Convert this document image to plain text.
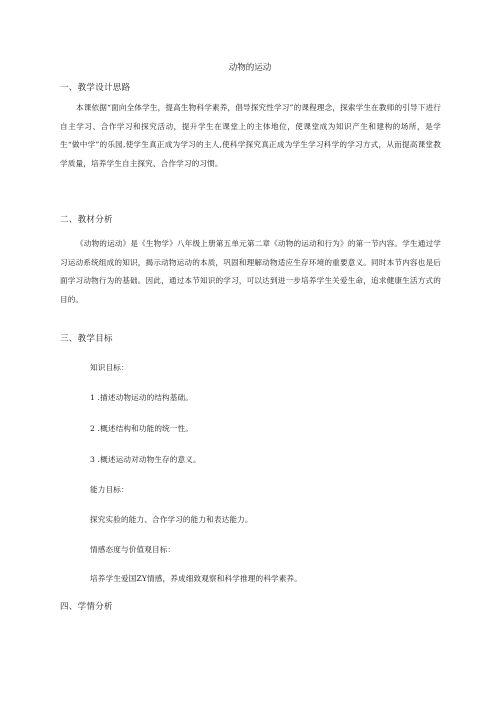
动物的运动
一、教学设计思路
本课依据“面向全体学生，提高生物科学素养，倡导探究性学习”的课程理念，探索学生在教师的引导下进行自主学习、合作学习和探究活动，提升学生在课堂上的主体地位，使课堂成为知识产生和建构的场所，是学生“做中学”的乐园,使学生真正成为学习的主人,使科学探究真正成为学生学习科学的学习方式，从而提高课堂教学质量，培养学生自主探究、合作学习的习惯。
二、教材分析
《动物的运动》是《生物学》八年级上册第五单元第二章《动物的运动和行为》的第一节内容。学生通过学习运动系统组成的知识，揭示动物运动的本质，巩固和理解动物适应生存环境的重要意义。同时本节内容也是后面学习动物行为的基础。因此，通过本节知识的学习，可以达到进一步培养学生关爱生命，追求健康生活方式的目的。
三、教学目标
知识目标：
1 .描述动物运动的结构基础。
2 .概述结构和功能的统一性。
3 .概述运动对动物生存的意义。
能力目标：
探究实验的能力、合作学习的能力和表达能力。
情感态度与价值观目标：
培养学生爱国ZY情感，养成细致观察和科学推理的科学素养。
四、学情分析
